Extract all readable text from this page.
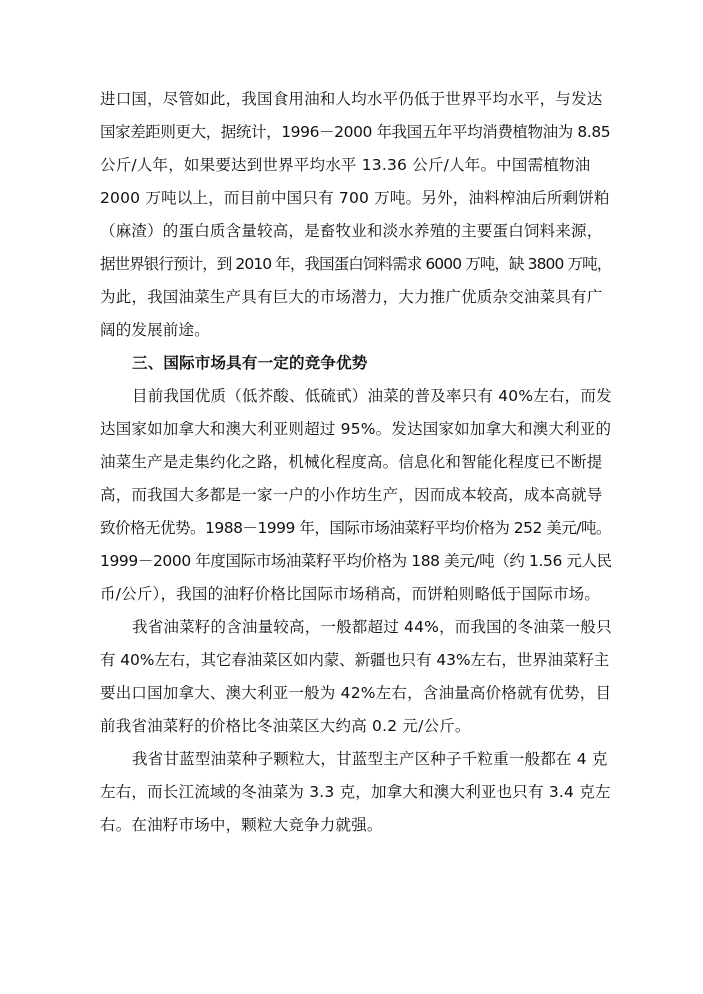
进口国，尽管如此，我国食用油和人均水平仍低于世界平均水平，与发达
国家差距则更大，据统计，1996－2000 年我国五年平均消费植物油为 8.85
公斤/人年，如果要达到世界平均水平 13.36 公斤/人年。中国需植物油
2000 万吨以上，而目前中国只有 700 万吨。另外，油料榨油后所剩饼粕
（麻渣）的蛋白质含量较高，是畜牧业和淡水养殖的主要蛋白饲料来源，
据世界银行预计，到 2010 年，我国蛋白饲料需求 6000 万吨，缺 3800 万吨，
为此，我国油菜生产具有巨大的市场潜力，大力推广优质杂交油菜具有广
阔的发展前途。
三、国际市场具有一定的竞争优势
目前我国优质（低芥酸、低硫甙）油菜的普及率只有 40%左右，而发
达国家如加拿大和澳大利亚则超过 95%。发达国家如加拿大和澳大利亚的
油菜生产是走集约化之路，机械化程度高。信息化和智能化程度已不断提
高，而我国大多都是一家一户的小作坊生产，因而成本较高，成本高就导
致价格无优势。1988－1999 年，国际市场油菜籽平均价格为 252 美元/吨。
1999－2000 年度国际市场油菜籽平均价格为 188 美元/吨（约 1.56 元人民
币/公斤），我国的油籽价格比国际市场稍高，而饼粕则略低于国际市场。
我省油菜籽的含油量较高，一般都超过 44%，而我国的冬油菜一般只
有 40%左右，其它春油菜区如内蒙、新疆也只有 43%左右，世界油菜籽主
要出口国加拿大、澳大利亚一般为 42%左右，含油量高价格就有优势，目
前我省油菜籽的价格比冬油菜区大约高 0.2 元/公斤。
我省甘蓝型油菜种子颗粒大，甘蓝型主产区种子千粒重一般都在 4 克
左右，而长江流域的冬油菜为 3.3 克，加拿大和澳大利亚也只有 3.4 克左
右。在油籽市场中，颗粒大竞争力就强。
